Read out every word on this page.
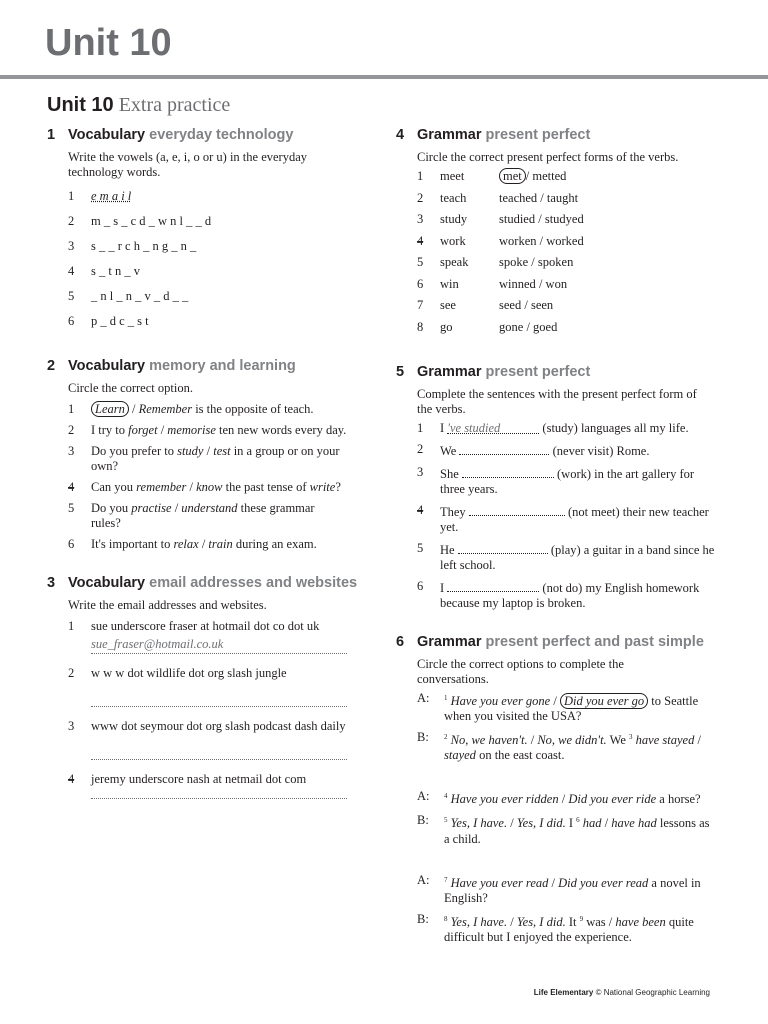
Unit 10
Unit 10 Extra practice
1 Vocabulary everyday technology
Write the vowels (a, e, i, o or u) in the everyday technology words.
1 e m a i l
2 m _ s _ c d _ w n l _ _ d
3 s _ _ r c h _ n g _ n _
4 s _ t n _ v
5 _ n l _ n _ v _ d _ _
6 p _ d c _ s t
2 Vocabulary memory and learning
Circle the correct option.
1 Learn / Remember is the opposite of teach.
2 I try to forget / memorise ten new words every day.
3 Do you prefer to study / test in a group or on your own?
4 Can you remember / know the past tense of write?
5 Do you practise / understand these grammar rules?
6 It's important to relax / train during an exam.
3 Vocabulary email addresses and websites
Write the email addresses and websites.
1 sue underscore fraser at hotmail dot co dot uk
sue_fraser@hotmail.co.uk
2 w w w dot wildlife dot org slash jungle
3 www dot seymour dot org slash podcast dash daily
4 jeremy underscore nash at netmail dot com
4 Grammar present perfect
Circle the correct present perfect forms of the verbs.
1 meet	met / metted
2 teach	teached / taught
3 study	studied / studyed
4 work	worken / worked
5 speak spoke / spoken
6 win	winned / won
7 see	seed / seen
8 go	gone / goed
5 Grammar present perfect
Complete the sentences with the present perfect form of the verbs.
1 I 've studied	(study) languages all my life.
2 We	(never visit) Rome.
3 She	(work) in the art gallery for three years.
4 They	(not meet) their new teacher yet.
5 He	(play) a guitar in a band since he left school.
6 I	(not do) my English homework because my laptop is broken.
6 Grammar present perfect and past simple
Circle the correct options to complete the conversations.
A: $^1$ Have you ever gone / Did you ever go to Seattle when you visited the USA?
B: $^2$ No, we haven't. / No, we didn't. We $^3$ have stayed / stayed on the east coast.
A: $^4$ Have you ever ridden / Did you ever ride a horse?
B: $^5$ Yes, I have. / Yes, I did. I $^6$ had / have had lessons as a child.
A: $^7$ Have you ever read / Did you ever read a novel in English?
B: $^8$ Yes, I have. / Yes, I did. It $^9$ was / have been quite difficult but I enjoyed the experience.
Life Elementary © National Geographic Learning
